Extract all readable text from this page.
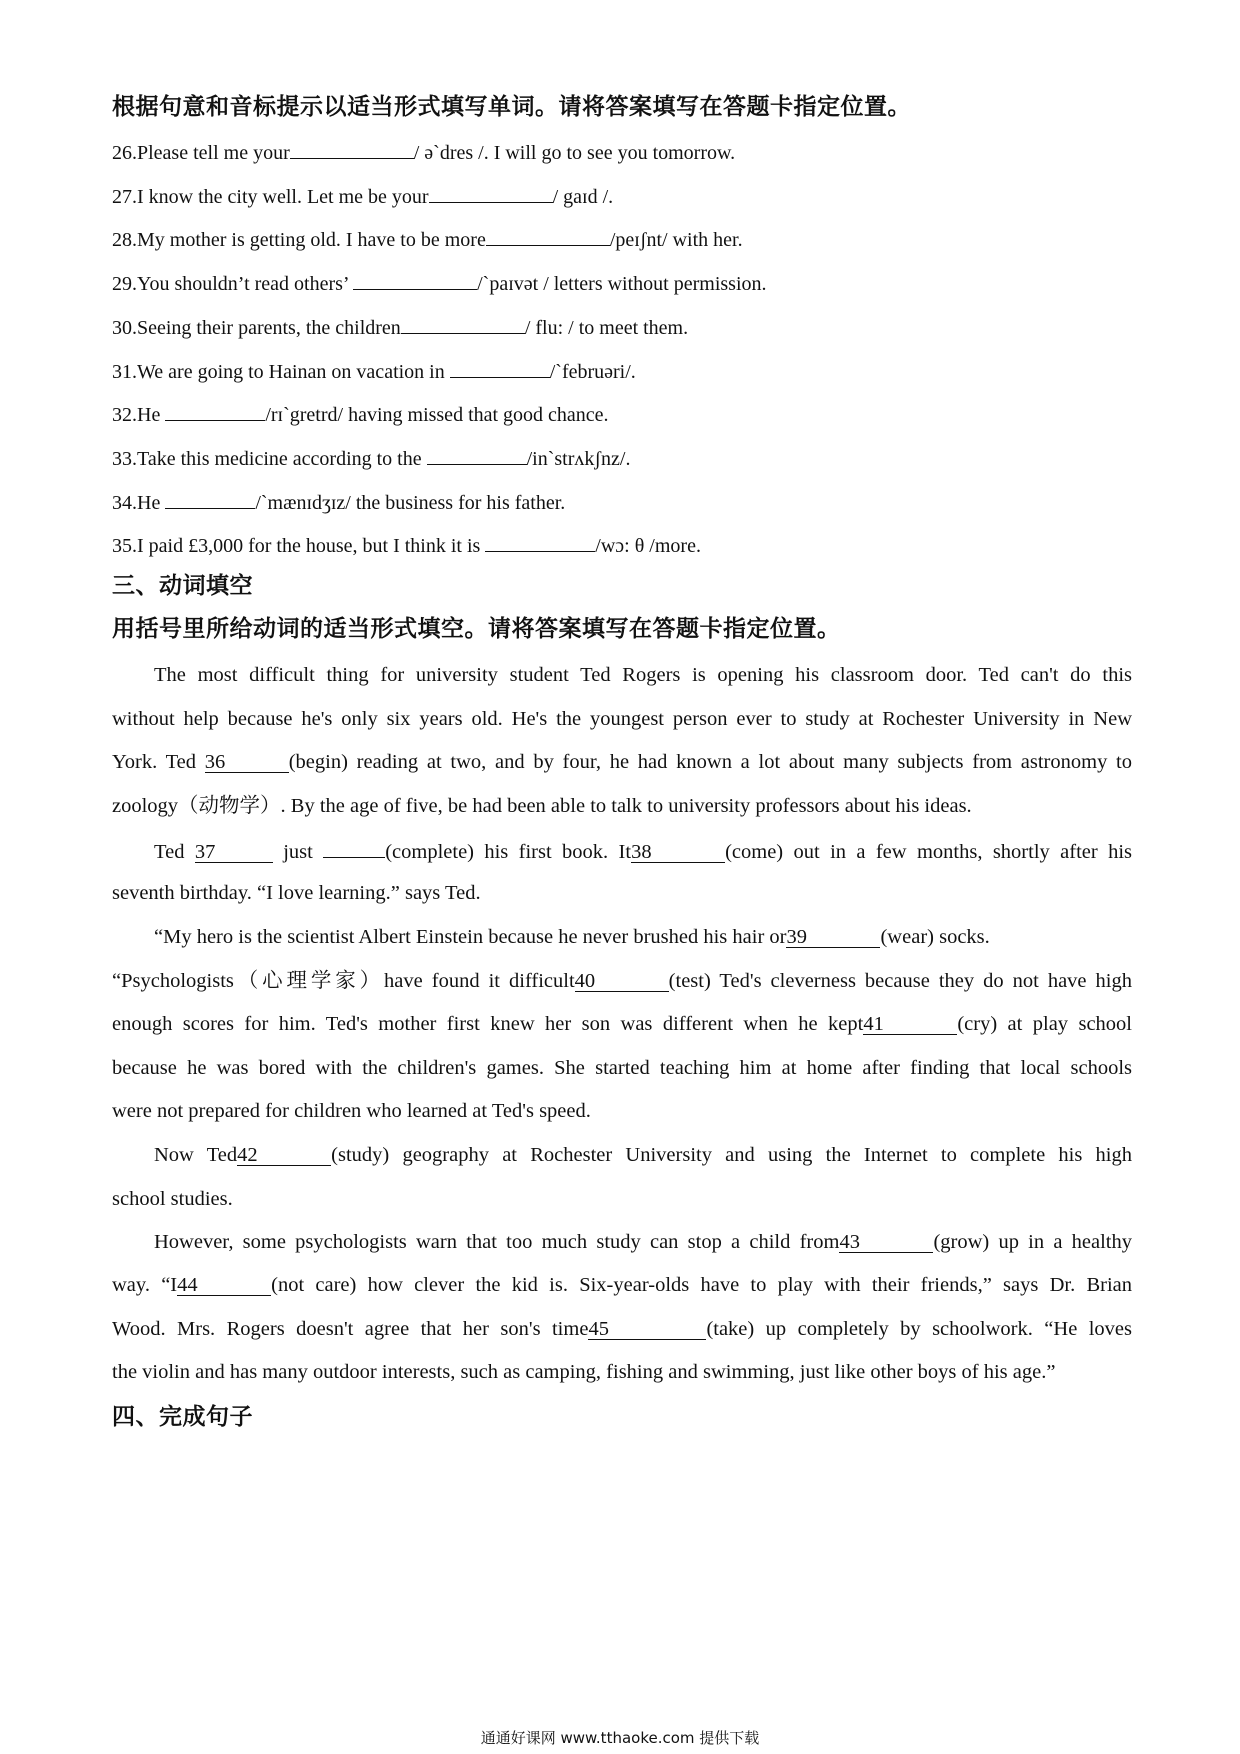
根据句意和音标提示以适当形式填写单词。请将答案填写在答题卡指定位置。
26.Please tell me your	/ ə`dres /. I will go to see you tomorrow.
27.I know the city well. Let me be your	/ gaɪd /.
28.My mother is getting old. I have to be more	/peɪʃnt/ with her.
29.You shouldn’t read others’	/`paɪvət / letters without permission.
30.Seeing their parents, the children	/ flu: / to meet them.
31.We are going to Hainan on vacation in	/`februəri/.
32.He	/rɪ`gretrd/ having missed that good chance.
33.Take this medicine according to the	/in`strʌkʃnz/.
34.He	/`mænɪdʒɪz/ the business for his father.
35.I paid £3,000 for the house, but I think it is	/wɔ: θ /more.
三、动词填空
用括号里所给动词的适当形式填空。请将答案填写在答题卡指定位置。
The most difficult thing for university student Ted Rogers is opening his classroom door. Ted can't do this
without help because he's only six years old. He's the youngest person ever to study at Rochester University in New
York. Ted 36	(begin) reading at two, and by four, he had known a lot about many subjects from astronomy to
zoology（动物学）. By the age of five, be had been able to talk to university professors about his ideas.
Ted 37	just	(complete) his first book. It38	(come) out in a few months, shortly after his
seventh birthday. “I love learning.” says Ted.
“My hero is the scientist Albert Einstein because he never brushed his hair or39	(wear) socks.
“Psychologists（心理学家）have found it difficult40	(test) Ted's cleverness because they do not have high
enough scores for him. Ted's mother first knew her son was different when he kept41	(cry) at play school
because he was bored with the children's games. She started teaching him at home after finding that local schools
were not prepared for children who learned at Ted's speed.
Now Ted42	(study) geography at Rochester University and using the Internet to complete his high
school studies.
However, some psychologists warn that too much study can stop a child from43	(grow) up in a healthy
way. “I44	(not care) how clever the kid is. Six-year-olds have to play with their friends,” says Dr. Brian
Wood. Mrs. Rogers doesn't agree that her son's time45	(take) up completely by schoolwork. “He loves
the violin and has many outdoor interests, such as camping, fishing and swimming, just like other boys of his age.”
四、完成句子
通通好课网 www.tthaoke.com 提供下载
